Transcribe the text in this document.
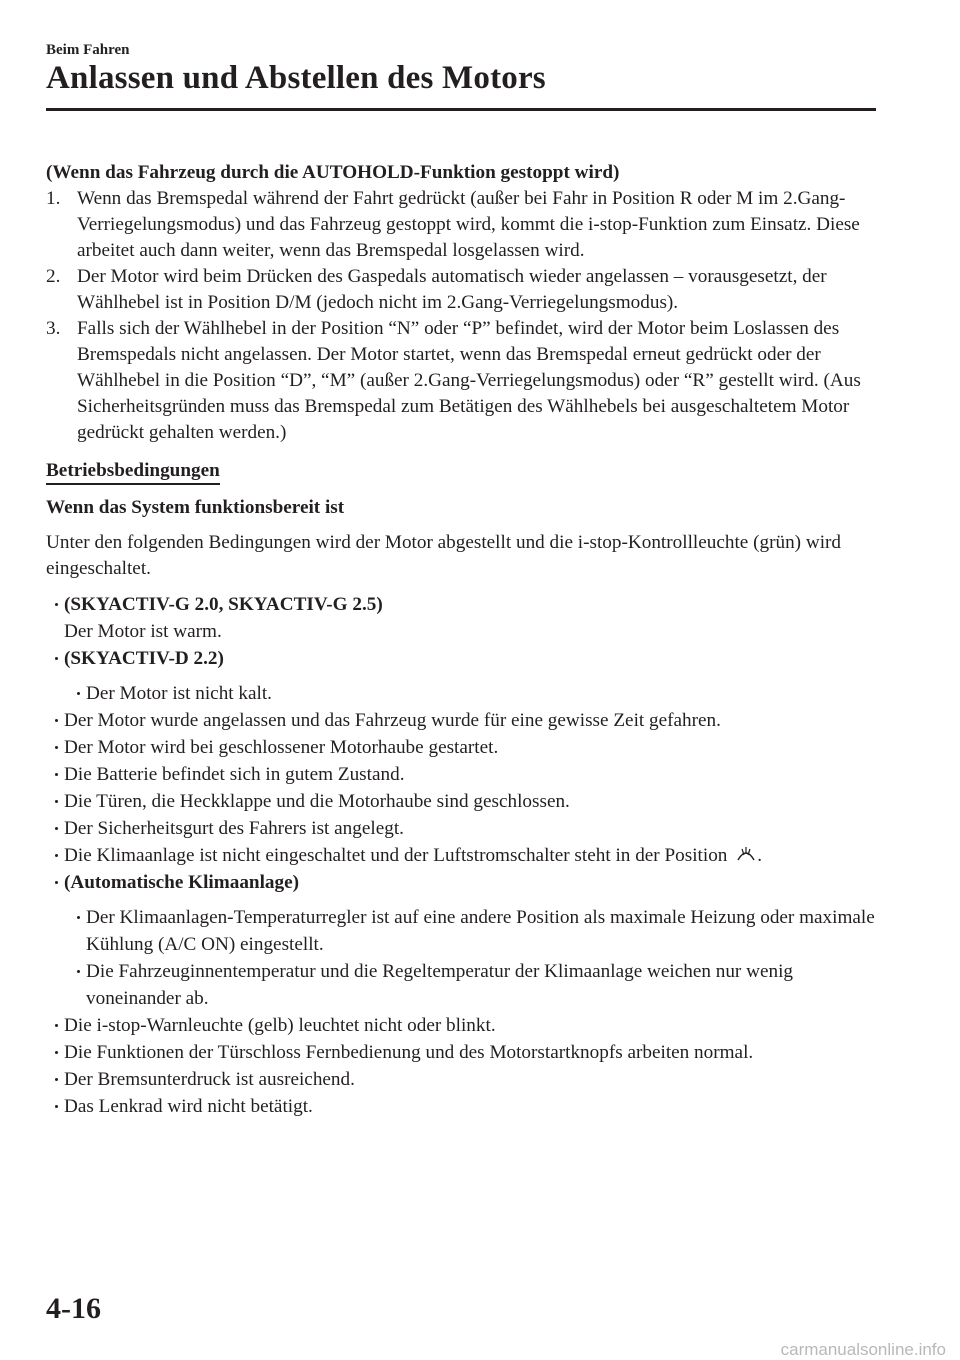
Beim Fahren
Anlassen und Abstellen des Motors
(Wenn das Fahrzeug durch die AUTOHOLD-Funktion gestoppt wird)
1. Wenn das Bremspedal während der Fahrt gedrückt (außer bei Fahr in Position R oder M im 2.Gang-Verriegelungsmodus) und das Fahrzeug gestoppt wird, kommt die i-stop-Funktion zum Einsatz. Diese arbeitet auch dann weiter, wenn das Bremspedal losgelassen wird.
2. Der Motor wird beim Drücken des Gaspedals automatisch wieder angelassen – vorausgesetzt, der Wählhebel ist in Position D/M (jedoch nicht im 2.Gang-Verriegelungsmodus).
3. Falls sich der Wählhebel in der Position “N” oder “P” befindet, wird der Motor beim Loslassen des Bremspedals nicht angelassen. Der Motor startet, wenn das Bremspedal erneut gedrückt oder der Wählhebel in die Position “D”, “M” (außer 2.Gang-Verriegelungsmodus) oder “R” gestellt wird. (Aus Sicherheitsgründen muss das Bremspedal zum Betätigen des Wählhebels bei ausgeschaltetem Motor gedrückt gehalten werden.)
Betriebsbedingungen
Wenn das System funktionsbereit ist
Unter den folgenden Bedingungen wird der Motor abgestellt und die i-stop-Kontrollleuchte (grün) wird eingeschaltet.
(SKYACTIV-G 2.0, SKYACTIV-G 2.5)
Der Motor ist warm.
(SKYACTIV-D 2.2)
Der Motor ist nicht kalt.
Der Motor wurde angelassen und das Fahrzeug wurde für eine gewisse Zeit gefahren.
Der Motor wird bei geschlossener Motorhaube gestartet.
Die Batterie befindet sich in gutem Zustand.
Die Türen, die Heckklappe und die Motorhaube sind geschlossen.
Der Sicherheitsgurt des Fahrers ist angelegt.
Die Klimaanlage ist nicht eingeschaltet und der Luftstromschalter steht in der Position .
(Automatische Klimaanlage)
Der Klimaanlagen-Temperaturregler ist auf eine andere Position als maximale Heizung oder maximale Kühlung (A/C ON) eingestellt.
Die Fahrzeuginnentemperatur und die Regeltemperatur der Klimaanlage weichen nur wenig voneinander ab.
Die i-stop-Warnleuchte (gelb) leuchtet nicht oder blinkt.
Die Funktionen der Türschloss Fernbedienung und des Motorstartknopfs arbeiten normal.
Der Bremsunterdruck ist ausreichend.
Das Lenkrad wird nicht betätigt.
4-16
carmanualsonline.info
